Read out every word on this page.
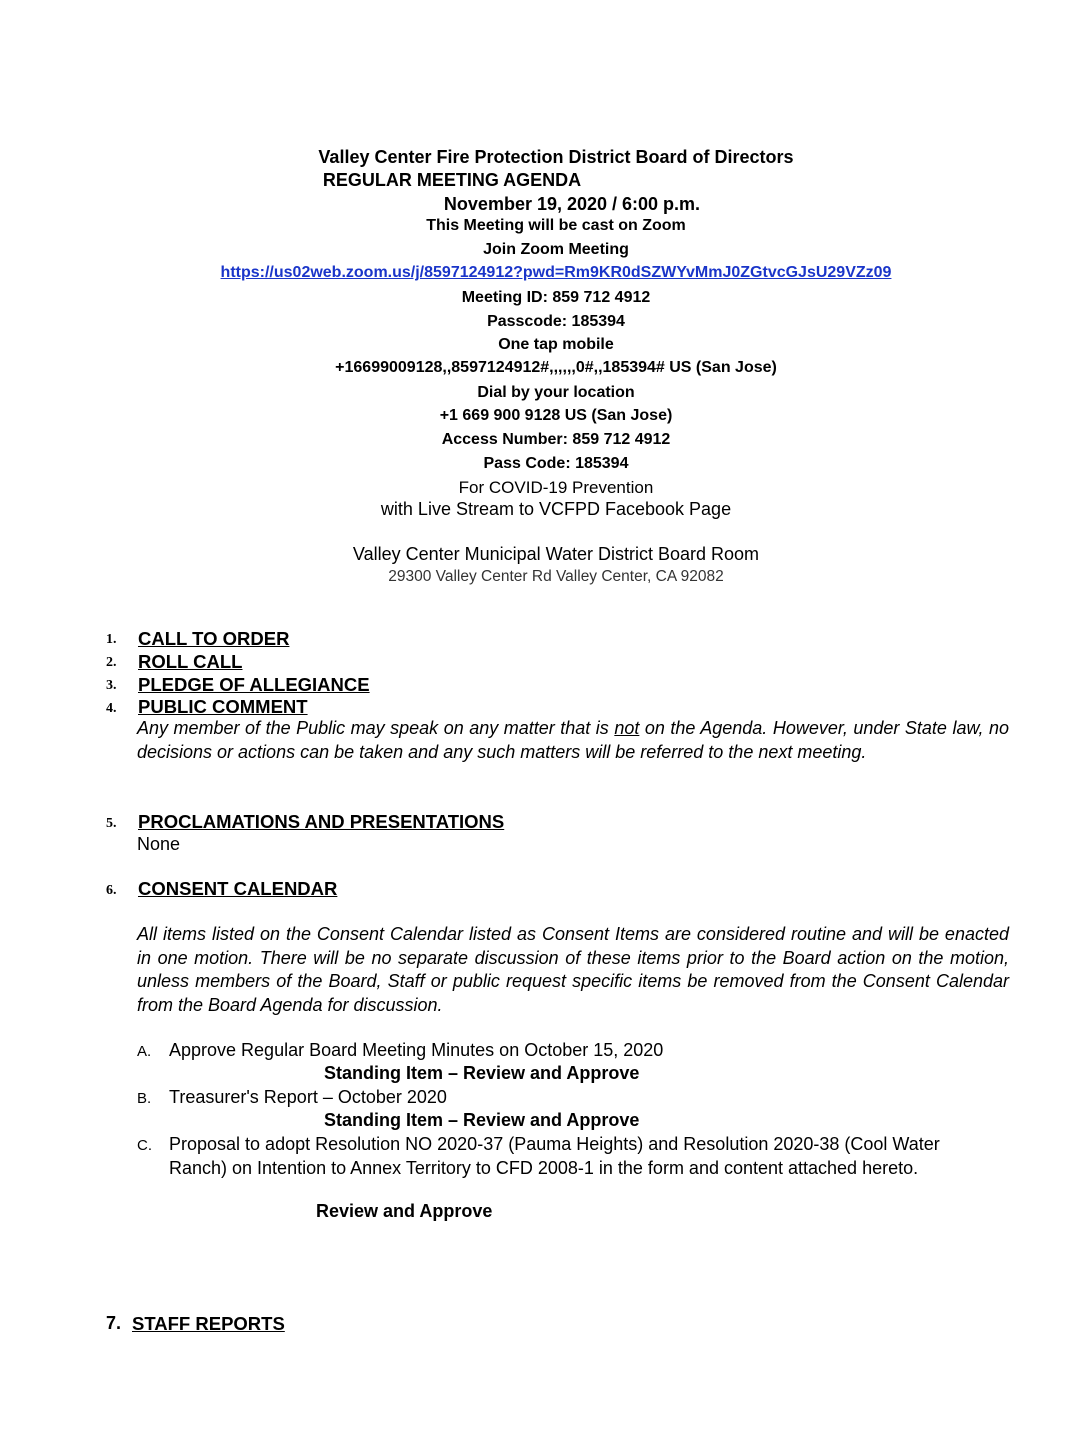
Valley Center Fire Protection District Board of Directors
REGULAR MEETING AGENDA
November 19, 2020 / 6:00 p.m.
This Meeting will be cast on Zoom
Join Zoom Meeting
https://us02web.zoom.us/j/8597124912?pwd=Rm9KR0dSZWYvMmJ0ZGtvcGJsU29VZz09
Meeting ID: 859 712 4912
Passcode: 185394
One tap mobile
+16699009128,,8597124912#,,,,,,0#,,185394# US (San Jose)
Dial by your location
+1 669 900 9128 US (San Jose)
Access Number: 859 712 4912
Pass Code: 185394
For COVID-19 Prevention
with Live Stream to VCFPD Facebook Page
Valley Center Municipal Water District Board Room
29300 Valley Center Rd Valley Center, CA 92082
1. CALL TO ORDER
2. ROLL CALL
3. PLEDGE OF ALLEGIANCE
4. PUBLIC COMMENT
Any member of the Public may speak on any matter that is not on the Agenda. However, under State law, no decisions or actions can be taken and any such matters will be referred to the next meeting.
5. PROCLAMATIONS AND PRESENTATIONS
None
6. CONSENT CALENDAR
All items listed on the Consent Calendar listed as Consent Items are considered routine and will be enacted in one motion. There will be no separate discussion of these items prior to the Board action on the motion, unless members of the Board, Staff or public request specific items be removed from the Consent Calendar from the Board Agenda for discussion.
A. Approve Regular Board Meeting Minutes on October 15, 2020
Standing Item – Review and Approve
B. Treasurer's Report – October 2020
Standing Item – Review and Approve
C. Proposal to adopt Resolution NO 2020-37 (Pauma Heights) and Resolution 2020-38 (Cool Water Ranch) on Intention to Annex Territory to CFD 2008-1 in the form and content attached hereto.
Review and Approve
7. STAFF REPORTS
